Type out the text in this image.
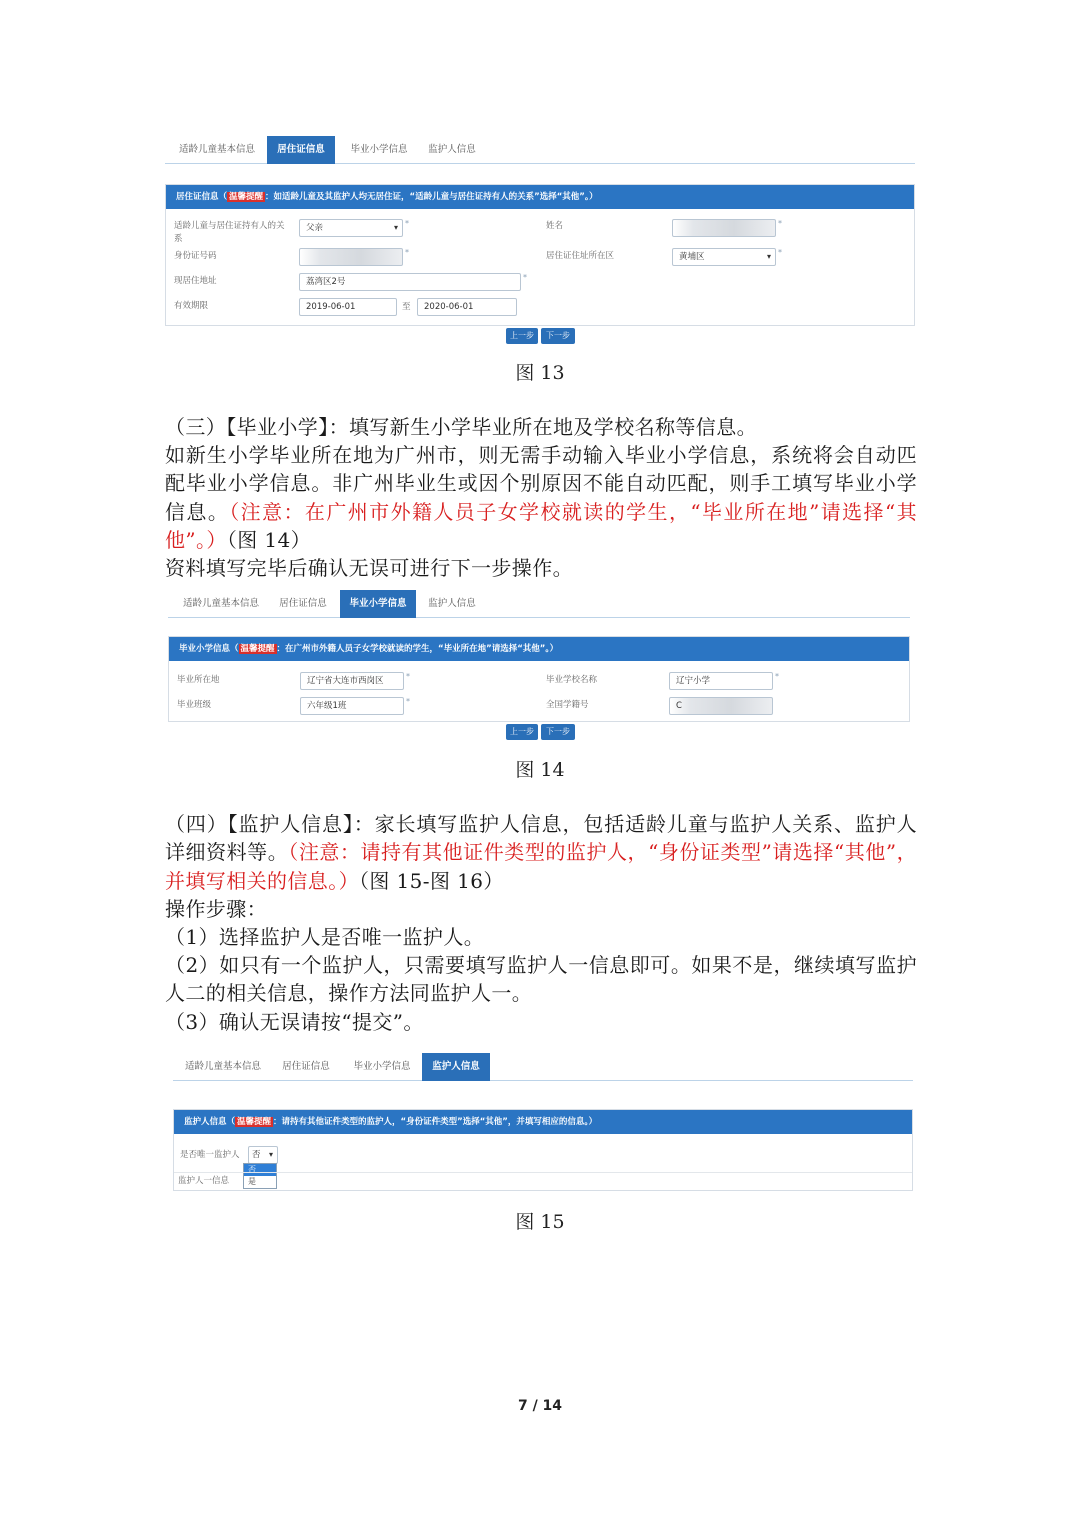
适龄儿童基本信息	居住证信息	毕业小学信息	监护人信息
居住证信息（ 温馨提醒 ：如适龄儿童及其监护人均无居住证，“适龄儿童与居住证持有人的关系”选择“其他”。）
适龄儿童与居住证持有人的关
系
父亲 ▾	*	姓名	*
身份证号码	*	居住证住址所在区	黄埔区 ▾	*
现居住地址	荔湾区2号	*
有效期限	2019-06-01	至	2020-06-01
上一步	下一步
图 13
（三）【毕业小学】：填写新生小学毕业所在地及学校名称等信息。
如新生小学毕业所在地为广州市，则无需手动输入毕业小学信息，系统将会自动匹配毕业小学信息。非广州毕业生或因个别原因不能自动匹配，则手工填写毕业小学信息。（注意：在广州市外籍人员子女学校就读的学生，“毕业所在地”请选择“其他”。）（图 14）
资料填写完毕后确认无误可进行下一步操作。
适龄儿童基本信息	居住证信息	毕业小学信息	监护人信息
毕业小学信息（ 温馨提醒 ：在广州市外籍人员子女学校就读的学生，“毕业所在地”请选择“其他”。）
毕业所在地	辽宁省大连市西岗区	*	毕业学校名称	辽宁小学	*
毕业班级	六年级1班	*	全国学籍号	C
上一步	下一步
图 14
（四）【监护人信息】：家长填写监护人信息，包括适龄儿童与监护人关系、监护人详细资料等。（注意：请持有其他证件类型的监护人，“身份证类型”请选择“其他”，并填写相关的信息。）（图 15-图 16）
操作步骤：
（1）选择监护人是否唯一监护人。
（2）如只有一个监护人，只需要填写监护人一信息即可。如果不是，继续填写监护人二的相关信息，操作方法同监护人一。
（3）确认无误请按“提交”。
适龄儿童基本信息	居住证信息	毕业小学信息	监护人信息
监护人信息（ 温馨提醒 ：请持有其他证件类型的监护人，“身份证件类型”选择“其他”，并填写相应的信息。）
是否唯一监护人	否 ▾
否
是
监护人一信息
图 15
7 / 14
